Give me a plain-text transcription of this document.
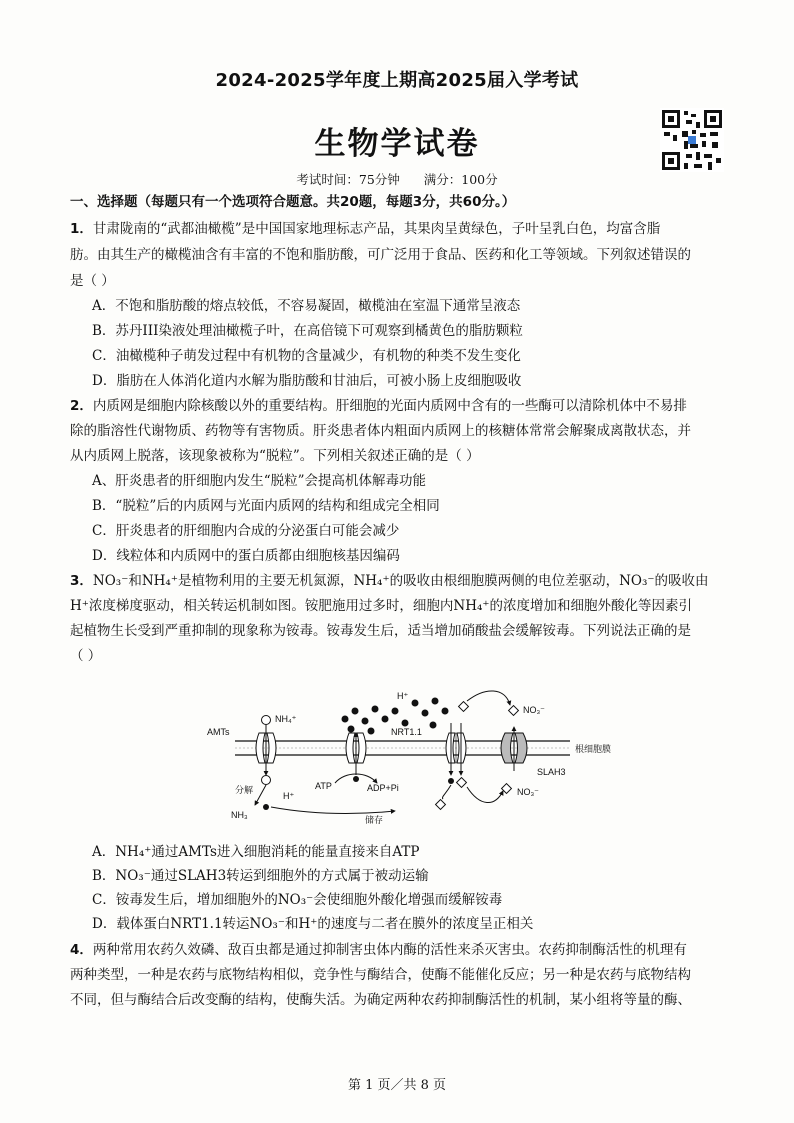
2024-2025学年度上期高2025届入学考试
生物学试卷
考试时间：75分钟 满分：100分
一、选择题（每题只有一个选项符合题意。共20题，每题3分，共60分。）
1．甘肃陇南的“武都油橄榄”是中国国家地理标志产品，其果肉呈黄绿色，子叶呈乳白色，均富含脂
肪。由其生产的橄榄油含有丰富的不饱和脂肪酸，可广泛用于食品、医药和化工等领域。下列叙述错误的
是（ ）
A．不饱和脂肪酸的熔点较低，不容易凝固，橄榄油在室温下通常呈液态
B．苏丹III染液处理油橄榄子叶，在高倍镜下可观察到橘黄色的脂肪颗粒
C．油橄榄种子萌发过程中有机物的含量减少，有机物的种类不发生变化
D．脂肪在人体消化道内水解为脂肪酸和甘油后，可被小肠上皮细胞吸收
2．内质网是细胞内除核酸以外的重要结构。肝细胞的光面内质网中含有的一些酶可以清除机体中不易排
除的脂溶性代谢物质、药物等有害物质。肝炎患者体内粗面内质网上的核糖体常常会解聚成离散状态，并
从内质网上脱落，该现象被称为“脱粒”。下列相关叙述正确的是（ ）
A、肝炎患者的肝细胞内发生“脱粒”会提高机体解毒功能
B．“脱粒”后的内质网与光面内质网的结构和组成完全相同
C．肝炎患者的肝细胞内合成的分泌蛋白可能会减少
D．线粒体和内质网中的蛋白质都由细胞核基因编码
3．NO₃⁻和NH₄⁺是植物利用的主要无机氮源，NH₄⁺的吸收由根细胞膜两侧的电位差驱动，NO₃⁻的吸收由
H⁺浓度梯度驱动，相关转运机制如图。铵肥施用过多时，细胞内NH₄⁺的浓度增加和细胞外酸化等因素引
起植物生长受到严重抑制的现象称为铵毒。铵毒发生后，适当增加硝酸盐会缓解铵毒。下列说法正确的是
（ ）
根细胞膜
AMTs
NH₄⁺
分解
NH₃
H⁺
储存
H⁺
ATP	ADP+Pi
NRT1.1
NO₃⁻
SLAH3
NO₃⁻
A．NH₄⁺通过AMTs进入细胞消耗的能量直接来自ATP
B．NO₃⁻通过SLAH3转运到细胞外的方式属于被动运输
C．铵毒发生后，增加细胞外的NO₃⁻会使细胞外酸化增强而缓解铵毒
D．载体蛋白NRT1.1转运NO₃⁻和H⁺的速度与二者在膜外的浓度呈正相关
4．两种常用农药久效磷、敌百虫都是通过抑制害虫体内酶的活性来杀灭害虫。农药抑制酶活性的机理有
两种类型，一种是农药与底物结构相似，竞争性与酶结合，使酶不能催化反应；另一种是农药与底物结构
不同，但与酶结合后改变酶的结构，使酶失活。为确定两种农药抑制酶活性的机制，某小组将等量的酶、
第 1 页／共 8 页
